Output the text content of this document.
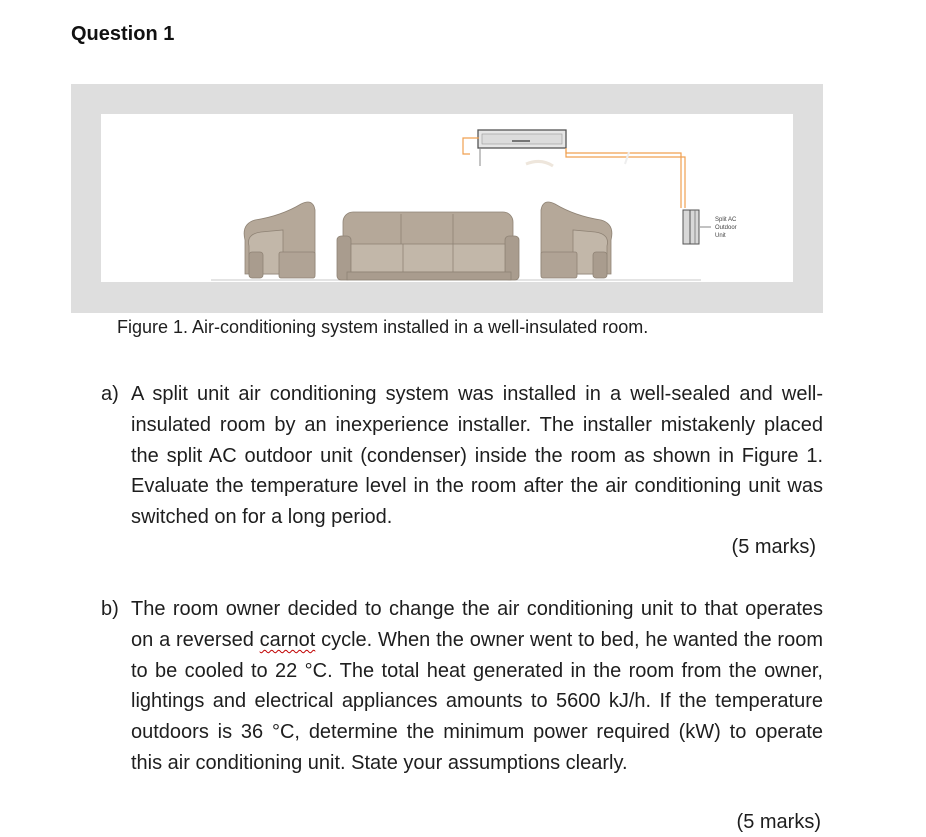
Question 1
Split AC
Outdoor
Unit

Figure 1. Air-conditioning system installed in a well-insulated room.

a) A split unit air conditioning system was installed in a well-sealed and well-insulated room by an inexperience installer. The installer mistakenly placed the split AC outdoor unit (condenser) inside the room as shown in Figure 1. Evaluate the temperature level in the room after the air conditioning unit was switched on for a long period.
(5 marks)
b) The room owner decided to change the air conditioning unit to that operates on a reversed carnot cycle. When the owner went to bed, he wanted the room to be cooled to 22 °C. The total heat generated in the room from the owner, lightings and electrical appliances amounts to 5600 kJ/h. If the temperature outdoors is 36 °C, determine the minimum power required (kW) to operate this air conditioning unit. State your assumptions clearly.
(5 marks)
